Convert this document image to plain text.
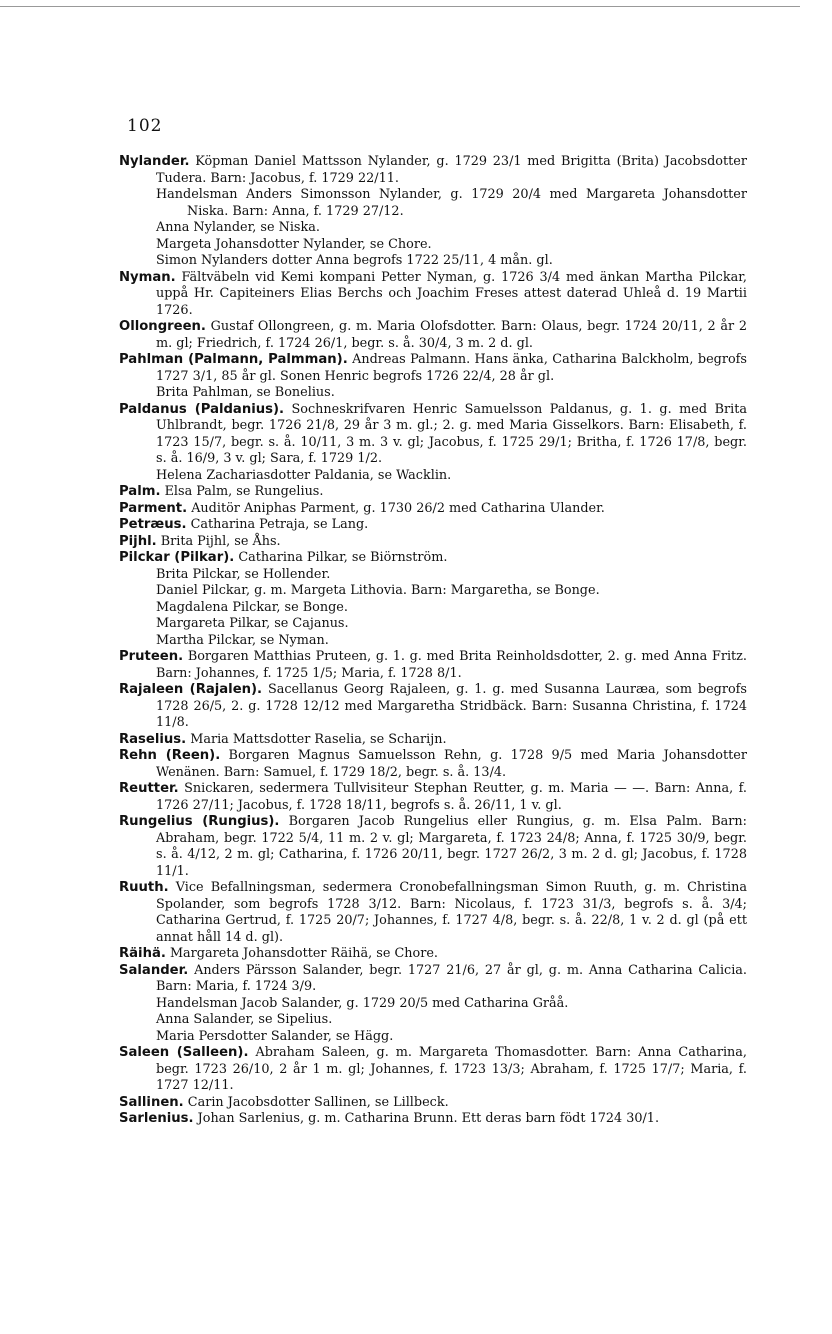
102

Nylander. Köpman Daniel Mattsson Nylander, g. 1729 23/1 med Brigitta (Brita) Jacobsdotter Tudera. Barn: Jacobus, f. 1729 22/11.

Handelsman Anders Simonsson Nylander, g. 1729 20/4 med Margareta Johansdotter Niska. Barn: Anna, f. 1729 27/12.

Anna Nylander, se Niska.

Margeta Johansdotter Nylander, se Chore.

Simon Nylanders dotter Anna begrofs 1722 25/11, 4 mån. gl.

Nyman. Fältväbeln vid Kemi kompani Petter Nyman, g. 1726 3/4 med änkan Martha Pilckar, uppå Hr. Capiteiners Elias Berchs och Joachim Freses attest daterad Uhleå d. 19 Martii 1726.

Ollongreen. Gustaf Ollongreen, g. m. Maria Olofsdotter. Barn: Olaus, begr. 1724 20/11, 2 år 2 m. gl; Friedrich, f. 1724 26/1, begr. s. å. 30/4, 3 m. 2 d. gl.

Pahlman (Palmann, Palmman). Andreas Palmann. Hans änka, Catharina Balckholm, begrofs 1727 3/1, 85 år gl. Sonen Henric begrofs 1726 22/4, 28 år gl.

Brita Pahlman, se Bonelius.

Paldanus (Paldanius). Sochneskrifvaren Henric Samuelsson Paldanus, g. 1. g. med Brita Uhlbrandt, begr. 1726 21/8, 29 år 3 m. gl.; 2. g. med Maria Gisselkors. Barn: Elisabeth, f. 1723 15/7, begr. s. å. 10/11, 3 m. 3 v. gl; Jacobus, f. 1725 29/1; Britha, f. 1726 17/8, begr. s. å. 16/9, 3 v. gl; Sara, f. 1729 1/2.

Helena Zachariasdotter Paldania, se Wacklin.

Palm. Elsa Palm, se Rungelius.

Parment. Auditör Aniphas Parment, g. 1730 26/2 med Catharina Ulander.

Petræus. Catharina Petraja, se Lang.

Pijhl. Brita Pijhl, se Åhs.

Pilckar (Pilkar). Catharina Pilkar, se Biörnström.

Brita Pilckar, se Hollender.

Daniel Pilckar, g. m. Margeta Lithovia. Barn: Margaretha, se Bonge.

Magdalena Pilckar, se Bonge.

Margareta Pilkar, se Cajanus.

Martha Pilckar, se Nyman.

Pruteen. Borgaren Matthias Pruteen, g. 1. g. med Brita Reinholdsdotter, 2. g. med Anna Fritz. Barn: Johannes, f. 1725 1/5; Maria, f. 1728 8/1.

Rajaleen (Rajalen). Sacellanus Georg Rajaleen, g. 1. g. med Susanna Lauræa, som begrofs 1728 26/5, 2. g. 1728 12/12 med Margaretha Stridbäck. Barn: Susanna Christina, f. 1724 11/8.

Raselius. Maria Mattsdotter Raselia, se Scharijn.

Rehn (Reen). Borgaren Magnus Samuelsson Rehn, g. 1728 9/5 med Maria Johansdotter Wenänen. Barn: Samuel, f. 1729 18/2, begr. s. å. 13/4.

Reutter. Snickaren, sedermera Tullvisiteur Stephan Reutter, g. m. Maria — —. Barn: Anna, f. 1726 27/11; Jacobus, f. 1728 18/11, begrofs s. å. 26/11, 1 v. gl.

Rungelius (Rungius). Borgaren Jacob Rungelius eller Rungius, g. m. Elsa Palm. Barn: Abraham, begr. 1722 5/4, 11 m. 2 v. gl; Margareta, f. 1723 24/8; Anna, f. 1725 30/9, begr. s. å. 4/12, 2 m. gl; Catharina, f. 1726 20/11, begr. 1727 26/2, 3 m. 2 d. gl; Jacobus, f. 1728 11/1.

Ruuth. Vice Befallningsman, sedermera Cronobefallningsman Simon Ruuth, g. m. Christina Spolander, som begrofs 1728 3/12. Barn: Nicolaus, f. 1723 31/3, begrofs s. å. 3/4; Catharina Gertrud, f. 1725 20/7; Johannes, f. 1727 4/8, begr. s. å. 22/8, 1 v. 2 d. gl (på ett annat håll 14 d. gl).

Räihä. Margareta Johansdotter Räihä, se Chore.

Salander. Anders Pärsson Salander, begr. 1727 21/6, 27 år gl, g. m. Anna Catharina Calicia. Barn: Maria, f. 1724 3/9.

Handelsman Jacob Salander, g. 1729 20/5 med Catharina Gråå.

Anna Salander, se Sipelius.

Maria Persdotter Salander, se Hägg.

Saleen (Salleen). Abraham Saleen, g. m. Margareta Thomasdotter. Barn: Anna Catharina, begr. 1723 26/10, 2 år 1 m. gl; Johannes, f. 1723 13/3; Abraham, f. 1725 17/7; Maria, f. 1727 12/11.

Sallinen. Carin Jacobsdotter Sallinen, se Lillbeck.

Sarlenius. Johan Sarlenius, g. m. Catharina Brunn. Ett deras barn födt 1724 30/1.
